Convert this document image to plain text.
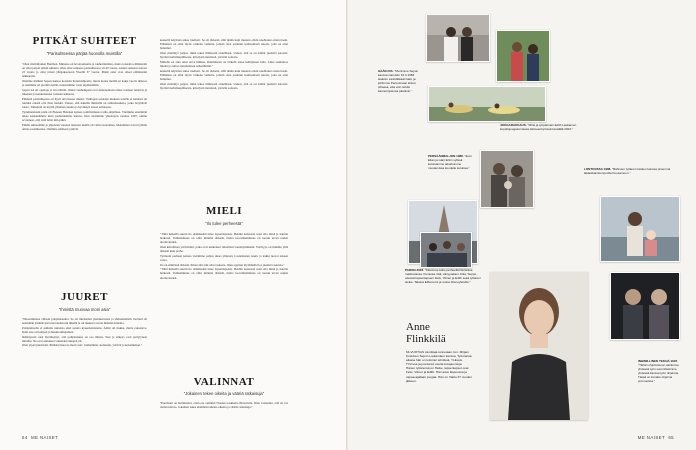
PITKÄT SUHTEET
"Parisuhteessa pärjää huonolla muistilla"

"Olen riistiriitainen Bomben. Minussa on levottomuutta ja rauhoittumista, mutta toisaalta elämässäni on ollut paljon pitkiä suhteita. Olen ollut samassa parisuhteessa yli 40 vuotta, asunut samassa talossa 23 vuotta ja ollut töissä yhtäjaksoisesti Yleellä 37 vuotta. Pitkät asiat ovat olleet elämässäni ankkureita.

Olemme miiheni Sepon kanssa kotoisin Pertuntahjoelta, mutta koska meillä on kaksi vuotta ikäeroa ja asuimme eri puolilla kylää, tutustuimme vasta myöhemmin.

Sepon isä oli opettaja ja isä erittäin. Onnet vanhempani ovat nimenomaan olleet toisiaan tuntevia ja tukeneet ja kannustaneet toisiaan kaikessa.

Pitkässä parisuhteessa on hyvä olla huono muisti. Vanhojen asioiden mukaan toisille ei kannata tai tuntuisi edestä olla liian herkkä. Uskon, että kaikilla ihmisillä on ominaisuuksia, jotka ärsyttävät toista. Tärkeintä on löytää yhteinen suunta ja hyväksyä toisen erilaisuus.

Työuhtenistani pisin oli Eknoen Helenan kanssa toimittamassa radio-ohjelmaa. Vietimme enemmän aikaa keskenämme kuin perheidemme kanssa. Kun aloitimme yhteistyön vuonna 1997, emme arvanneet, että siitä tulisi niin pitkä.

Pitkän suhteemme ja yhteisten vuosien ansiosta meillä oli vahva luottamus. Molemmat toivat työhön oman osaamisensa. Olemme edelleen ystäviä.

JUURET
"Ihmistä muovaa moni asia"

"Nuoremmana vihasin pohjalaisuutta. Se oli mielestäni yksinkertaista ja ahdasmielistä. Isolleni oli enemmän ymmärrystä nuoruudessani lähellä ja oli mukava tavata ihmisiä muualta.

Pohjanmaalla ei puhuttu tunteista eikä asioita kyseenalaistettu. Äitini oli tiukka, mutta rakastava. Isäni taas oli lempeä ja huumorintajuinen.

Ikääntyessä olen hyväksynyt, että pohjalaisuus on osa minua. Sisu ja sitkeys ovat periytyneet minulle. Ne ovat auttaneet vaikeiden aikojen yli.

Olen ylpeä juuristani. Ihmistä muovaa moni asia: vanhemmat, kotiseutu, ystävät ja kokemukset."

keskellä käyttäen aikaa itselleni. Se oli tärkeää, sillä ikään kuin muuten olisin unohtanut oman itseni. Elämässä on ollut myös vaikeita vaiheita, jolloin olen joutunut kohtaamaan asioita, joita en olisi halunnut.

Olen miettinyt paljon, mikä tekee ihmisestä onnellisen. Uskon, että se on kiinni pienistä asioista: hyvästä kahvikupillisesta, kävelystä metsässä, ystävän soitosta.

Minulla on aina ollut tarve liikkua. Ruumiiseen on tärkeää antaa kehityksen tulla. Liike rauhoittaa mieltä ja auttaa ajattelemaan selkeämmin."

keskellä käyttäen aikaa itselleni. Se oli tärkeää, sillä ikään kuin muuten olisin unohtanut oman itseni. Elämässä on ollut myös vaikeita vaiheita, jolloin olen joutunut kohtaamaan asioita, joita en olisi halunnut.

Olen miettinyt paljon, mikä tekee ihmisestä onnellisen. Uskon, että se on kiinni pienistä asioista: hyvästä kahvikupillisesta, kävelystä metsässä, ystävän soitosta.

MIELI
"Ilo tulee perheestä"

"Tällä hetkellä suurin ilo elämässäni tulee lapsenlapsista. Heidän kanssaan saan olla läsnä ja nauttia hetkestä. Vanhemmuus on ollut minulle tärkeää, mutta isovanhemmuus on tuonut aivan uuden ulottuvuuden.

Olen kiitollinen ystävistäni, jotka ovat kulkeneet rinnallani vuosikymmeniä. Ystävyys on minulle yhtä tärkeää kuin perhe.

Tyttäreni perheen kanssa vietämme paljon aikaa yhdessä. Lastenlasten nauru ja leikki tuovat arkeen valoa.

Ilo on elämässä tärkeää. Ilman sitä arki olisi raskasta. Olen oppinut löytämään iloa pienistä asioista."

"Tällä hetkellä suurin ilo elämässäni tulee lapsenlapsista. Heidän kanssaan saan olla läsnä ja nauttia hetkestä. Vanhemmuus on ollut minulle tärkeää, mutta isovanhemmuus on tuonut aivan uuden ulottuvuuden.

VALINNAT
"Jokainen tekee oikeita ja vääriä ratkaisuja"

"Puolisoni on harmittelut, etten ole valinnut Nokian osakkeita 80-luvulla. Olen vastannut, että en voi tietää tulevaa. Jokainen tekee elämänsä aikana oikeita ja vääriä ratkaisuja."

64 ME NAISET
HÄÄKUVA. "Menimme Sepon kanssa naimisiin 10.3.1984. Halusin vauhdikkaat häät, ja juhlimme Pertunmaan kirkon pihassa, että voin tehdä kauneimpiensa päivänä."
JOOGARAKKAUS. "Minä ja työparinani Edith Laukamen kuppilojoogatunnassa Hämeenkyrössä keväällä 2023."
PERSÄÄNMALJON 1988. "Enni Elian ja isäni Erkin sylissä kotoisamme aikoihumme muutamissa kuudelle kuluissa."
PARIISI 2023. "Kävimme koko perheellä Pariisissa matkustassa. Kuvassa miiä, vävypoikani Jirka, Seppo, odessä lapsenlapseni Felix, Vilmer ja Edith sekä tyttäreni Heike. Takana Eiffel-torni ja reissu Disneylandiin."
LONTOOSSA 1988. "Bahmien tyttäreni Heiken kanssa pinemmä lakiaiskamkumpuolla Kuusamoon."
Anne
Flinkkilä
64-VUOTIAS toimittaja tunnetaan mm. Mirjam Koskinen Sepon Lautamäen kanssa. Työuransa aikana hän on toiminut lehdissä, YLEssä, TV2:ssa ja juontanut useita kuvajuontoja. Hänen tyttärensä on Heike, lapsenlapset ovat Felix, Vilmer ja Edith. Hän asuu Espoossa ja vapaa-ajallaan joogaa. Hän on Viattu 37 vuoden jälkeen.
INHIMILLINEN TEKIJÄ 1997. "Tähän ohjelmistoon aloitimme yhdessä työn suunnittelimme yhdessä kanssa työn ohjelmia. Tässä on kuvattu ohjelma promootioa."
ME NAISET 65
